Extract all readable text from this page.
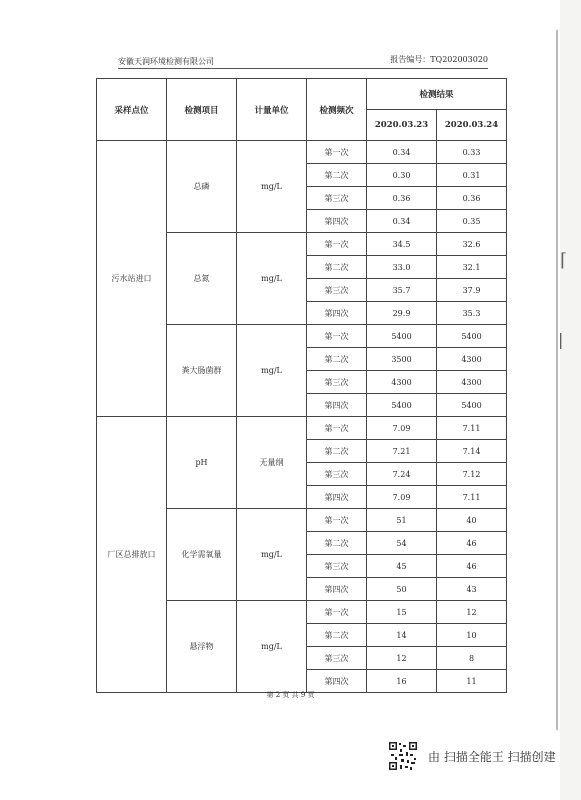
⌈
|
安徽天润环境检测有限公司	报告编号：TQ202003020
采样点位	检测项目	计量单位	检测频次	检测结果	
				2020.03.23	2020.03.24
污水站进口	总磷	mg/L	第一次	0.34	0.33
			第二次	0.30	0.31
			第三次	0.36	0.36
			第四次	0.34	0.35
	总氮	mg/L	第一次	34.5	32.6
			第二次	33.0	32.1
			第三次	35.7	37.9
			第四次	29.9	35.3
	粪大肠菌群	mg/L	第一次	5400	5400
			第二次	3500	4300
			第三次	4300	4300
			第四次	5400	5400
厂区总排放口	pH	无量纲	第一次	7.09	7.11
			第二次	7.21	7.14
			第三次	7.24	7.12
			第四次	7.09	7.11
	化学需氧量	mg/L	第一次	51	40
			第二次	54	46
			第三次	45	46
			第四次	50	43
	悬浮物	mg/L	第一次	15	12
			第二次	14	10
			第三次	12	8
			第四次	16	11
第 2 页 共 9 页
由 扫描全能王 扫描创建
